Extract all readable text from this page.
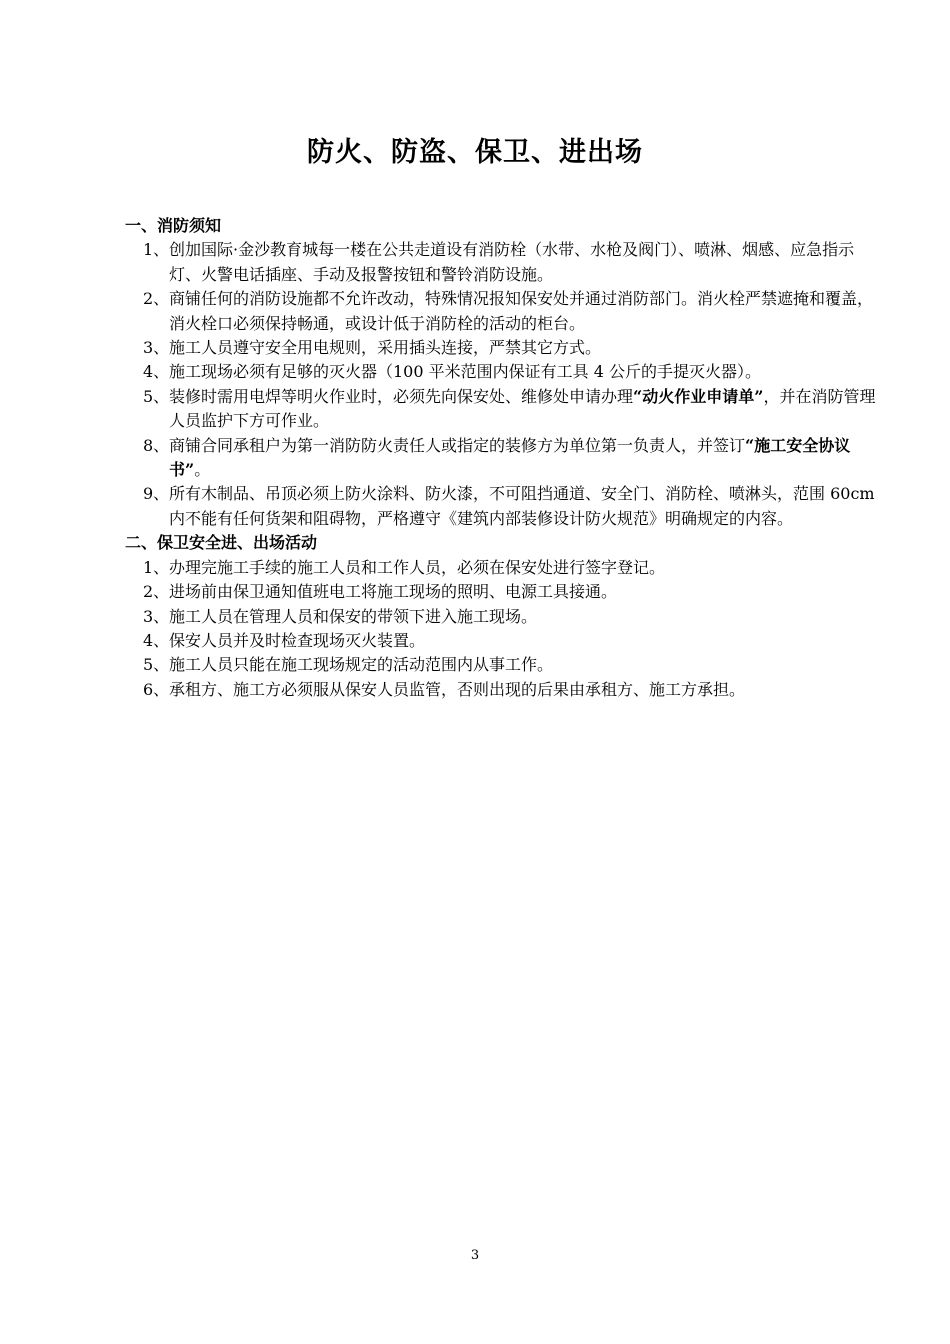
防火、防盗、保卫、进出场

一、消防须知

1、 创加国际·金沙教育城每一楼在公共走道设有消防栓（水带、水枪及阀门）、喷淋、烟感、应急指示灯、火警电话插座、手动及报警按钮和警铃消防设施。

2、 商铺任何的消防设施都不允许改动，特殊情况报知保安处并通过消防部门。消火栓严禁遮掩和覆盖，消火栓口必须保持畅通，或设计低于消防栓的活动的柜台。

3、 施工人员遵守安全用电规则，采用插头连接，严禁其它方式。

4、 施工现场必须有足够的灭火器（100 平米范围内保证有工具 4 公斤的手提灭火器）。

5、 装修时需用电焊等明火作业时，必须先向保安处、维修处申请办理“动火作业申请单”，并在消防管理人员监护下方可作业。

8、 商铺合同承租户为第一消防防火责任人或指定的装修方为单位第一负责人，并签订“施工安全协议书”。

9、 所有木制品、吊顶必须上防火涂料、防火漆，不可阻挡通道、安全门、消防栓、喷淋头，范围 60cm 内不能有任何货架和阻碍物，严格遵守《建筑内部装修设计防火规范》明确规定的内容。

二、保卫安全进、出场活动

1、 办理完施工手续的施工人员和工作人员，必须在保安处进行签字登记。

2、 进场前由保卫通知值班电工将施工现场的照明、电源工具接通。

3、 施工人员在管理人员和保安的带领下进入施工现场。

4、 保安人员并及时检查现场灭火装置。

5、 施工人员只能在施工现场规定的活动范围内从事工作。

6、 承租方、施工方必须服从保安人员监管，否则出现的后果由承租方、施工方承担。

3
